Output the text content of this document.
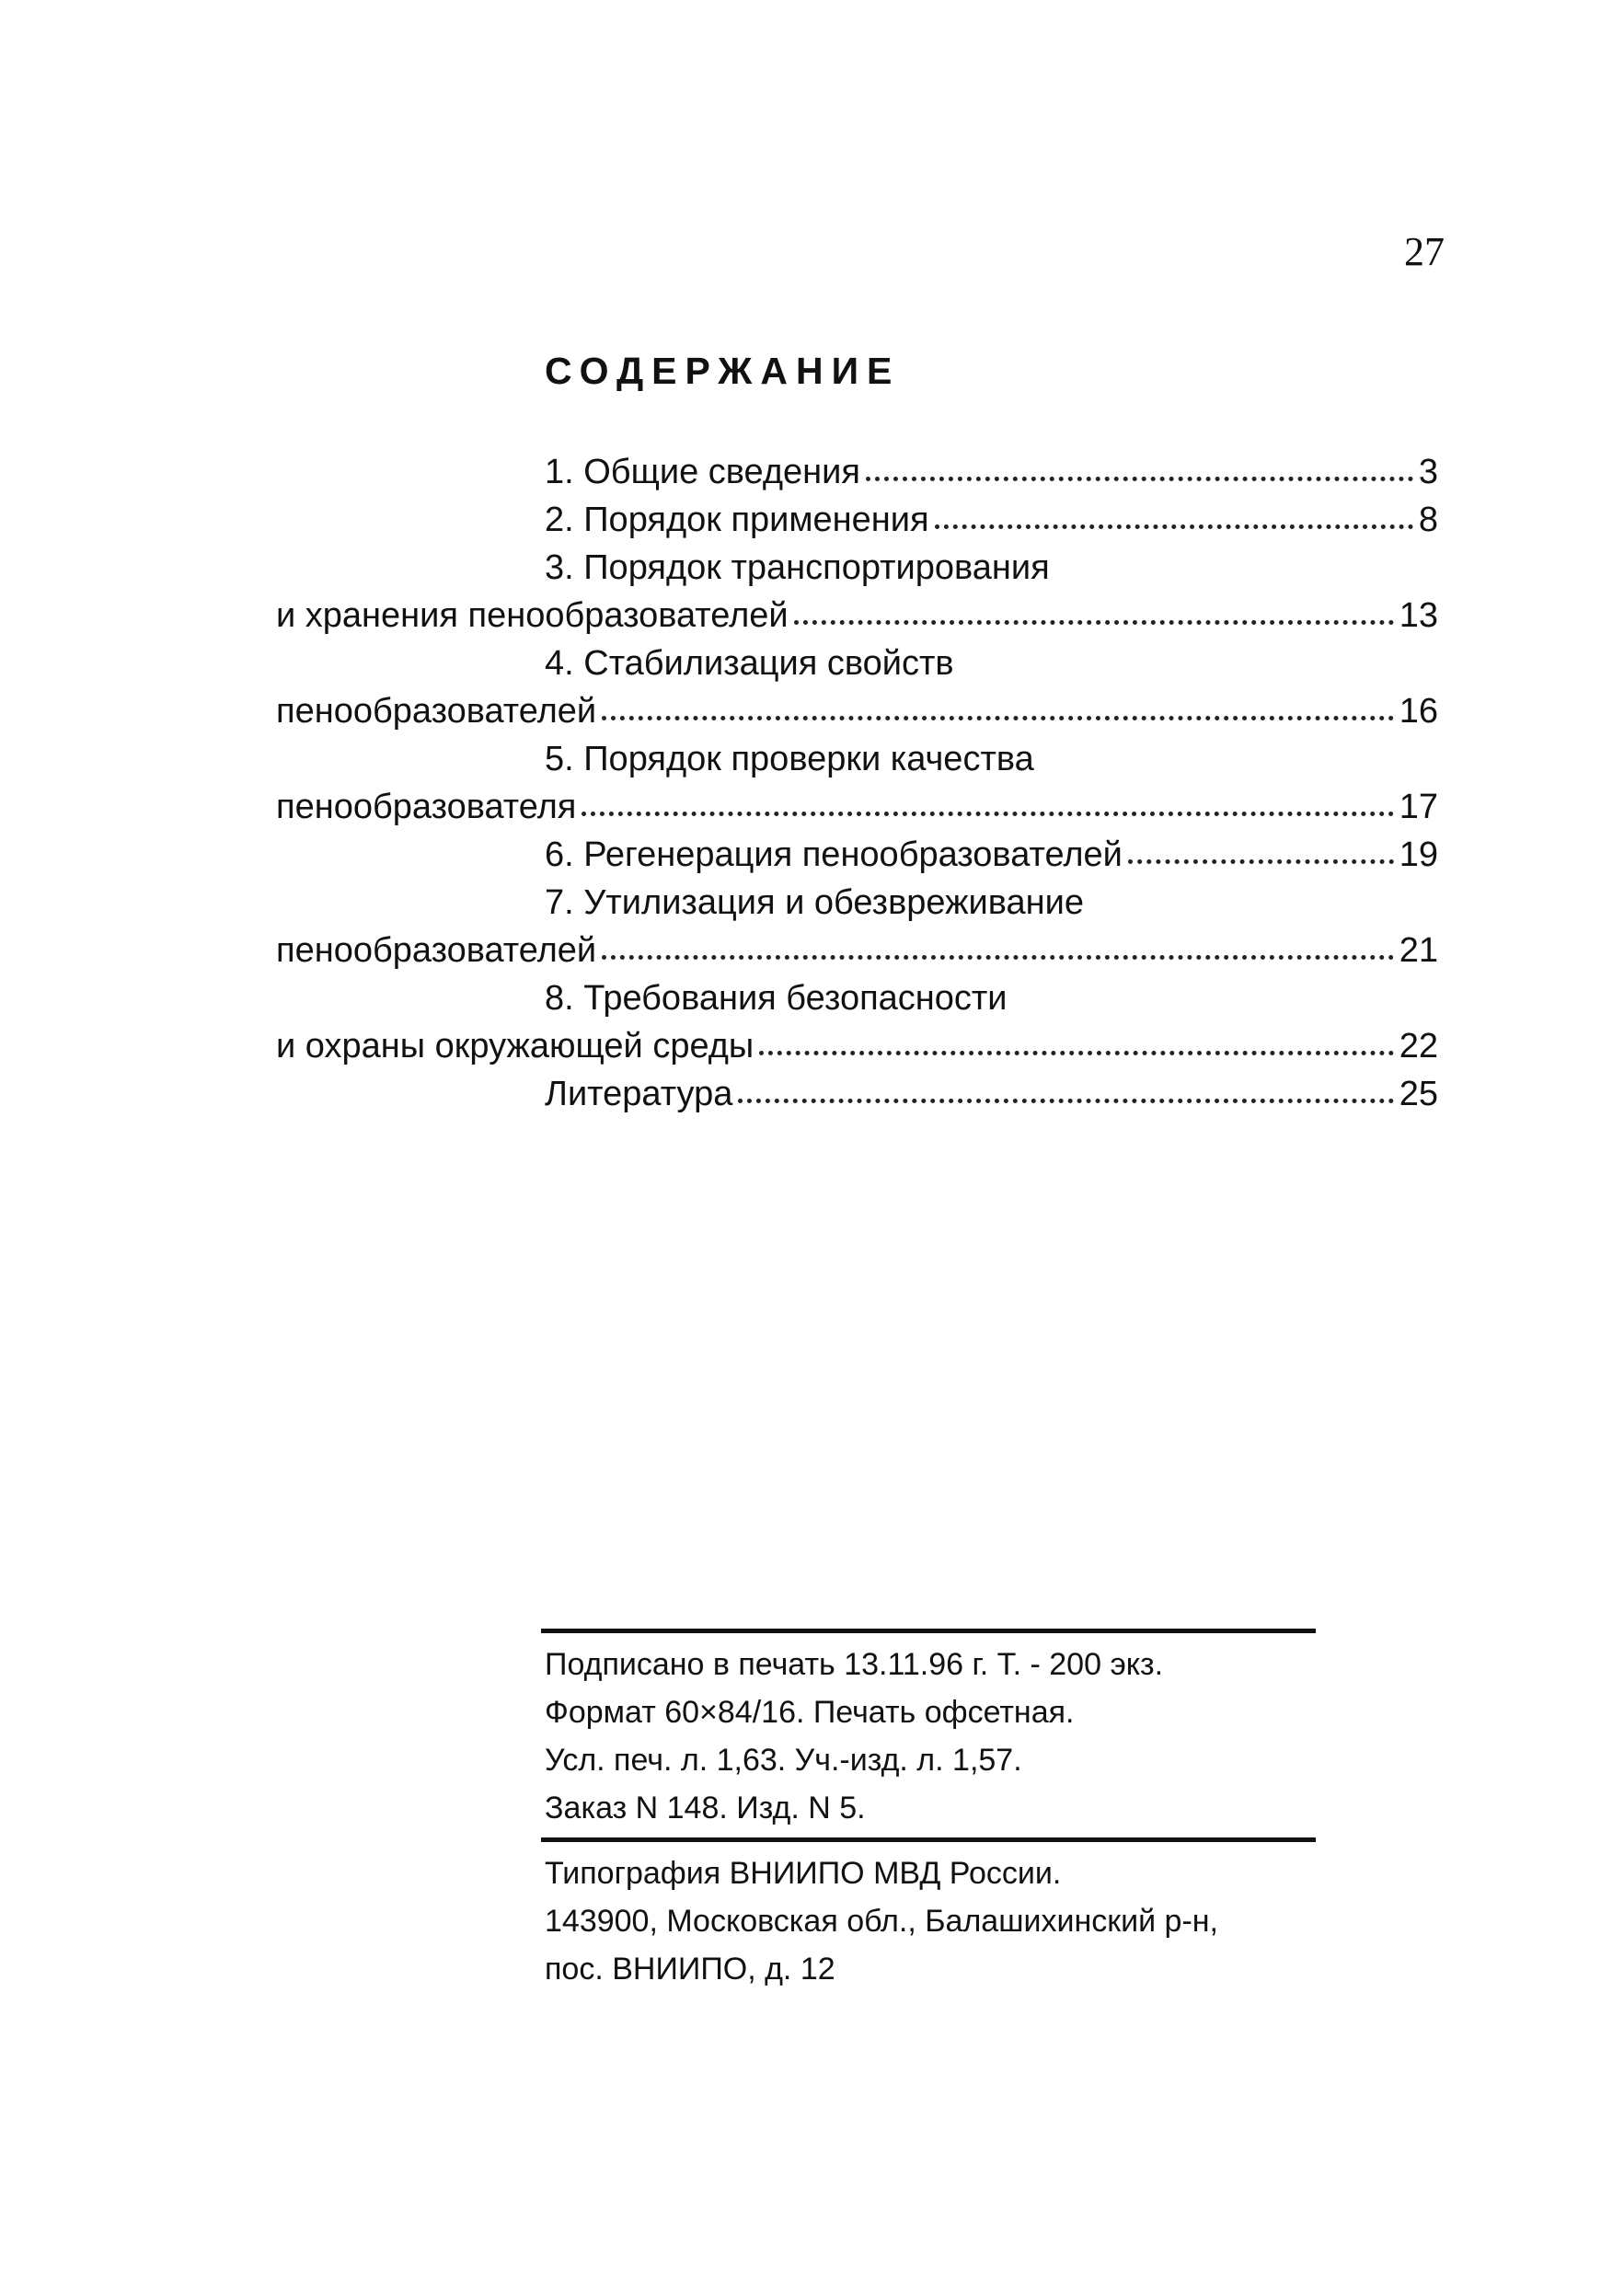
27
СОДЕРЖАНИЕ
1. Общие сведения	3
2. Порядок применения	8
3. Порядок транспортирования
и хранения пенообразователей	13
4. Стабилизация свойств
пенообразователей	16
5. Порядок проверки качества
пенообразователя	17
6. Регенерация пенообразователей	19
7. Утилизация и обезвреживание
пенообразователей	21
8. Требования безопасности
и охраны окружающей среды	22
Литература	25
Подписано в печать 13.11.96 г. Т. - 200 экз.
Формат 60×84/16. Печать офсетная.
Усл. печ. л. 1,63. Уч.-изд. л. 1,57.
Заказ N 148. Изд. N 5.
Типография ВНИИПО МВД России.
143900, Московская обл., Балашихинский р-н,
пос. ВНИИПО, д. 12
